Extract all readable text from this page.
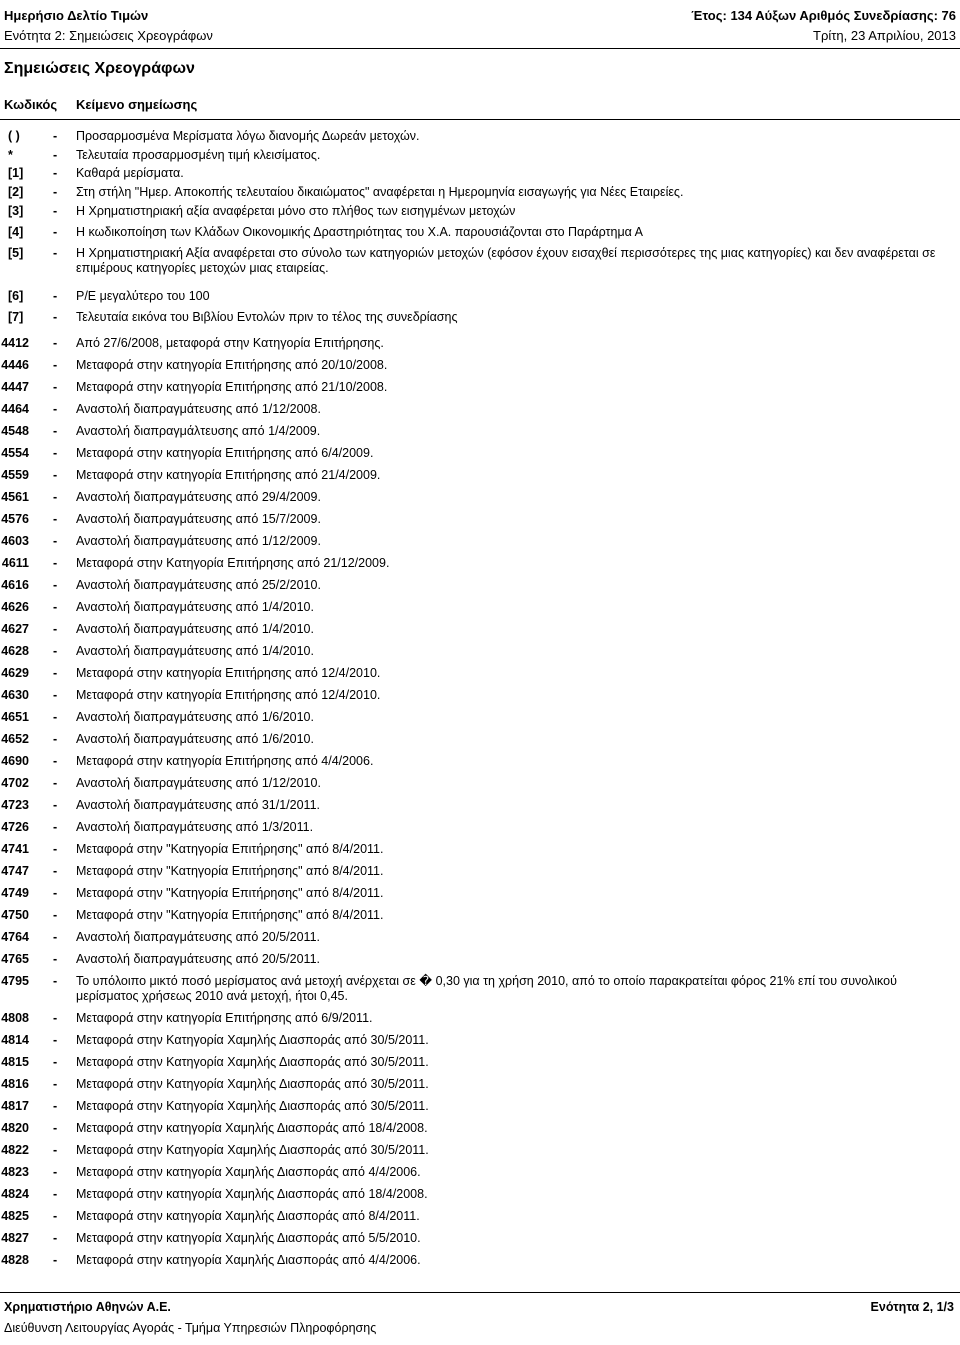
Ημερήσιο Δελτίο Τιμών
Ενότητα 2: Σημειώσεις Χρεογράφων
Έτος: 134 Αύξων Αριθμός Συνεδρίασης: 76
Τρίτη, 23 Απριλίου, 2013
Σημειώσεις Χρεογράφων
Κωδικός Κείμενο σημείωσης
( )	- Προσαρμοσμένα Μερίσματα λόγω διανομής Δωρεάν μετοχών.
*	- Τελευταία προσαρμοσμένη τιμή κλεισίματος.
[1] - Καθαρά μερίσματα.
[2] - Στη στήλη "Ημερ. Αποκοπής τελευταίου δικαιώματος" αναφέρεται η Ημερομηνία εισαγωγής για Νέες Εταιρείες.
[3] - Η Χρηματιστηριακή αξία αναφέρεται μόνο στο πλήθος των εισηγμένων μετοχών
[4] - Η κωδικοποίηση των Κλάδων Οικονομικής Δραστηριότητας του Χ.Α. παρουσιάζονται στο Παράρτημα Α
[5] - Η Χρηματιστηριακή Αξία αναφέρεται στο σύνολο των κατηγοριών μετοχών (εφόσον έχουν εισαχθεί περισσότερες της μιας κατηγορίες) και δεν αναφέρεται σε επιμέρους κατηγορίες μετοχών μιας εταιρείας.
[6] - Ρ/Ε μεγαλύτερο του 100
[7] - Τελευταία εικόνα του Βιβλίου Εντολών πριν το τέλος της συνεδρίασης
4412 - Από 27/6/2008, μεταφορά στην Κατηγορία Επιτήρησης.
4446 - Μεταφορά στην κατηγορία Επιτήρησης από 20/10/2008.
4447 - Μεταφορά στην κατηγορία Επιτήρησης από 21/10/2008.
4464 - Αναστολή διαπραγμάτευσης από 1/12/2008.
4548 - Αναστολή διαπραγμάλτευσης από 1/4/2009.
4554 - Μεταφορά στην κατηγορία Επιτήρησης από 6/4/2009.
4559 - Μεταφορά στην κατηγορία Επιτήρησης από 21/4/2009.
4561 - Αναστολή διαπραγμάτευσης από 29/4/2009.
4576 - Αναστολή διαπραγμάτευσης από 15/7/2009.
4603 - Αναστολή διαπραγμάτευσης από 1/12/2009.
4611 - Μεταφορά στην Κατηγορία Επιτήρησης από 21/12/2009.
4616 - Αναστολή διαπραγμάτευσης από 25/2/2010.
4626 - Αναστολή διαπραγμάτευσης από 1/4/2010.
4627 - Αναστολή διαπραγμάτευσης από 1/4/2010.
4628 - Αναστολή διαπραγμάτευσης από 1/4/2010.
4629 - Μεταφορά στην κατηγορία Επιτήρησης από 12/4/2010.
4630 - Μεταφορά στην κατηγορία Επιτήρησης από 12/4/2010.
4651 - Αναστολή διαπραγμάτευσης από 1/6/2010.
4652 - Αναστολή διαπραγμάτευσης από 1/6/2010.
4690 - Μεταφορά στην κατηγορία Επιτήρησης από 4/4/2006.
4702 - Αναστολή διαπραγμάτευσης από 1/12/2010.
4723 - Αναστολή διαπραγμάτευσης από 31/1/2011.
4726 - Αναστολή διαπραγμάτευσης από 1/3/2011.
4741 - Μεταφορά στην "Κατηγορία Επιτήρησης" από 8/4/2011.
4747 - Μεταφορά στην "Κατηγορία Επιτήρησης" από 8/4/2011.
4749 - Μεταφορά στην "Κατηγορία Επιτήρησης" από 8/4/2011.
4750 - Μεταφορά στην "Κατηγορία Επιτήρησης" από 8/4/2011.
4764 - Αναστολή διαπραγμάτευσης από 20/5/2011.
4765 - Αναστολή διαπραγμάτευσης από 20/5/2011.
4795 - Το υπόλοιπο μικτό ποσό μερίσματος ανά μετοχή ανέρχεται σε � 0,30 για τη χρήση 2010, από το οποίο παρακρατείται φόρος 21% επί του συνολικού μερίσματος χρήσεως 2010 ανά μετοχή, ήτοι 0,45.
4808 - Μεταφορά στην κατηγορία Επιτήρησης από 6/9/2011.
4814 - Μεταφορά στην Κατηγορία Χαμηλής Διασποράς από 30/5/2011.
4815 - Μεταφορά στην Κατηγορία Χαμηλής Διασποράς από 30/5/2011.
4816 - Μεταφορά στην Κατηγορία Χαμηλής Διασποράς από 30/5/2011.
4817 - Μεταφορά στην Κατηγορία Χαμηλής Διασποράς από 30/5/2011.
4820 - Μεταφορά στην κατηγορία Χαμηλής Διασποράς από 18/4/2008.
4822 - Μεταφορά στην Κατηγορία Χαμηλής Διασποράς από 30/5/2011.
4823 - Μεταφορά στην κατηγορία Χαμηλής Διασποράς από 4/4/2006.
4824 - Μεταφορά στην κατηγορία Χαμηλής Διασποράς από 18/4/2008.
4825 - Μεταφορά στην κατηγορία Χαμηλής Διασποράς από 8/4/2011.
4827 - Μεταφορά στην κατηγορία Χαμηλής Διασποράς από 5/5/2010.
4828 - Μεταφορά στην κατηγορία Χαμηλής Διασποράς από 4/4/2006.
Χρηματιστήριο Αθηνών Α.Ε.
Διεύθυνση Λειτουργίας Αγοράς - Τμήμα Υπηρεσιών Πληροφόρησης
Ενότητα 2, 1/3
